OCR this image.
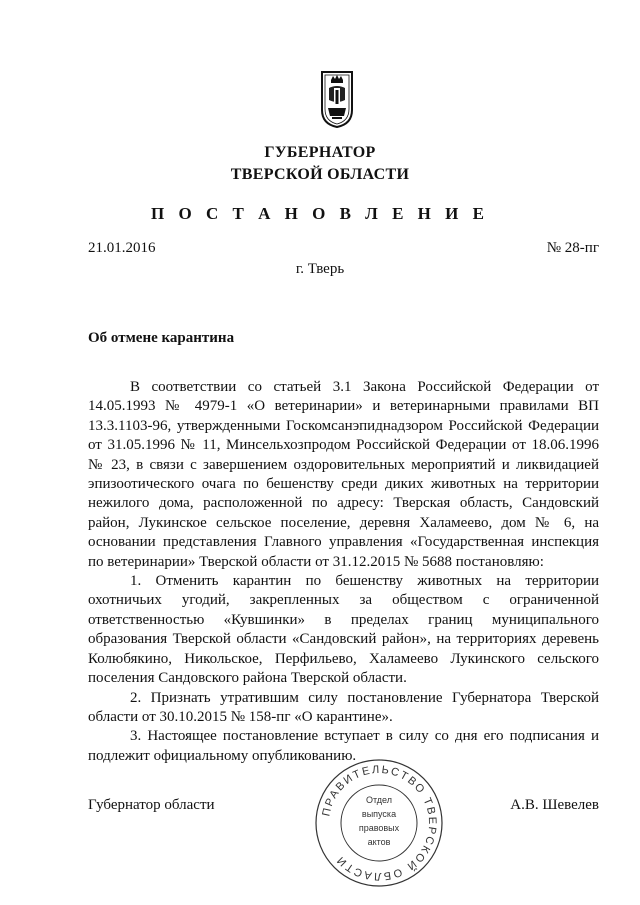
ГУБЕРНАТОР
ТВЕРСКОЙ ОБЛАСТИ
П О С Т А Н О В Л Е Н И Е
21.01.2016	№ 28-пг
г. Тверь
Об отмене карантина

В соответствии со статьей 3.1 Закона Российской Федерации от 14.05.1993 № 4979-1 «О ветеринарии» и ветеринарными правилами ВП 13.3.1103-96, утвержденными Госкомсанэпиднадзором Российской Федерации от 31.05.1996 № 11, Минсельхозпродом Российской Федерации от 18.06.1996 № 23, в связи с завершением оздоровительных мероприятий и ликвидацией эпизоотического очага по бешенству среди диких животных на территории нежилого дома, расположенной по адресу: Тверская область, Сандовский район, Лукинское сельское поселение, деревня Халамеево, дом № 6, на основании представления Главного управления «Государственная инспекция по ветеринарии» Тверской области от 31.12.2015 № 5688 постановляю:

1. Отменить карантин по бешенству животных на территории охотничьих угодий, закрепленных за обществом с ограниченной ответственностью «Кувшинки» в пределах границ муниципального образования Тверской области «Сандовский район», на территориях деревень Колюбякино, Никольское, Перфильево, Халамеево Лукинского сельского поселения Сандовского района Тверской области.

2. Признать утратившим силу постановление Губернатора Тверской области от 30.10.2015 № 158-пг «О карантине».

3. Настоящее постановление вступает в силу со дня его подписания и подлежит официальному опубликованию.

Губернатор области	А.В. Шевелев
ПРАВИТЕЛЬСТВО ТВЕРСКОЙ ОБЛАСТИ
Отдел
выпуска
правовых
актов
